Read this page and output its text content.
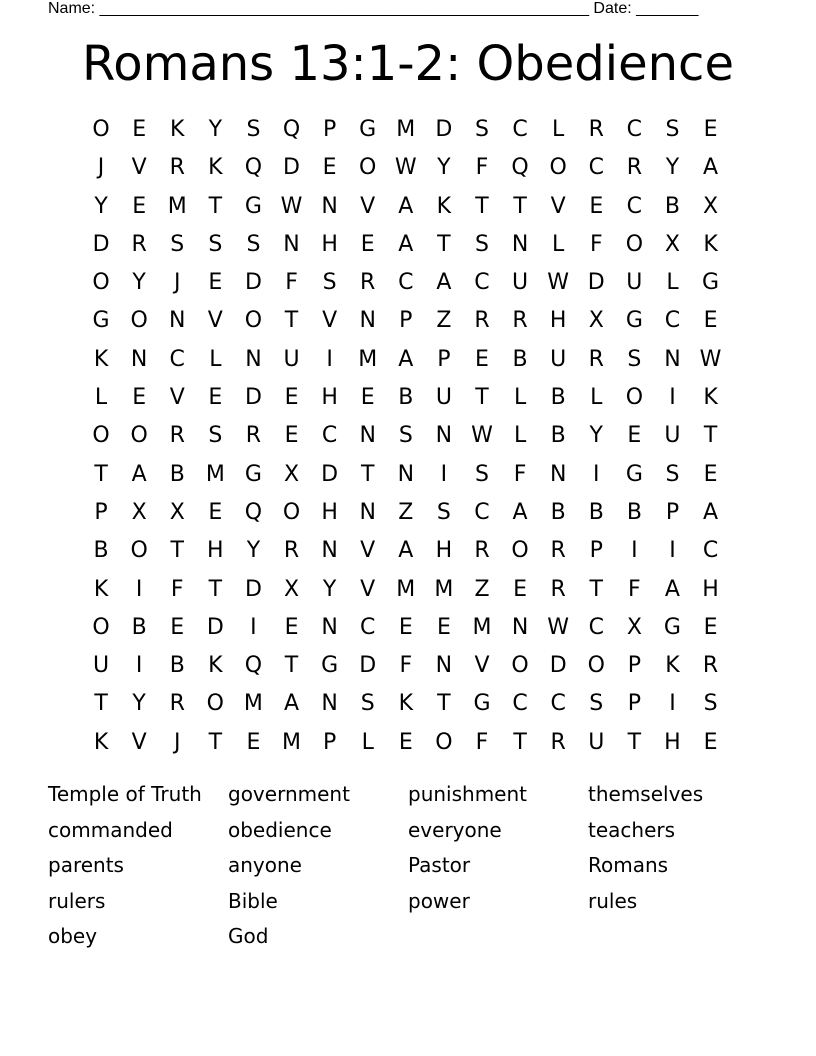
Name: _______________________________________________________ Date: _______
Romans 13:1-2: Obedience
O	E	K	Y	S	Q	P	G M D	S	C	L	R	C	S	E
J	V	R	K	Q D	E	O W Y	F	Q O C	R	Y	A
Y	E M T	G W N	V	A	K	T	T	V	E	C	B	X
D R	S	S	S	N H	E	A	T	S	N	L	F	O X	K
O	Y	J	E	D	F	S	R	C	A	C	U W D U	L	G
G O N	V O	T	V	N	P	Z	R	R	H	X	G C	E
K	N	C	L	N U	I	M A	P	E	B	U	R	S	N W
L	E	V	E	D	E	H	E	B	U	T	L	B	L	O	I	K
O O R	S	R	E	C	N	S	N W L	B	Y	E	U	T
T	A	B M G	X	D	T	N	I	S	F	N	I	G	S	E
P	X	X	E	Q O H N	Z	S	C	A	B	B	B	P	A
B O	T	H	Y	R	N	V	A	H	R O R	P	I	I	C
K	I	F	T	D	X	Y	V M M Z	E	R	T	F	A	H
O B	E	D	I	E	N	C	E	E M N W C	X	G	E
U	I	B	K	Q	T	G D	F	N	V O D O	P	K	R
T	Y	R O M A	N	S	K	T	G C	C	S	P	I	S
K	V	J	T	E M P	L	E	O	F	T	R	U	T	H	E
Temple of Truth	government	punishment	themselves
commanded	obedience	everyone	teachers
parents	anyone	Pastor	Romans
rulers	Bible	power	rules
obey	God
